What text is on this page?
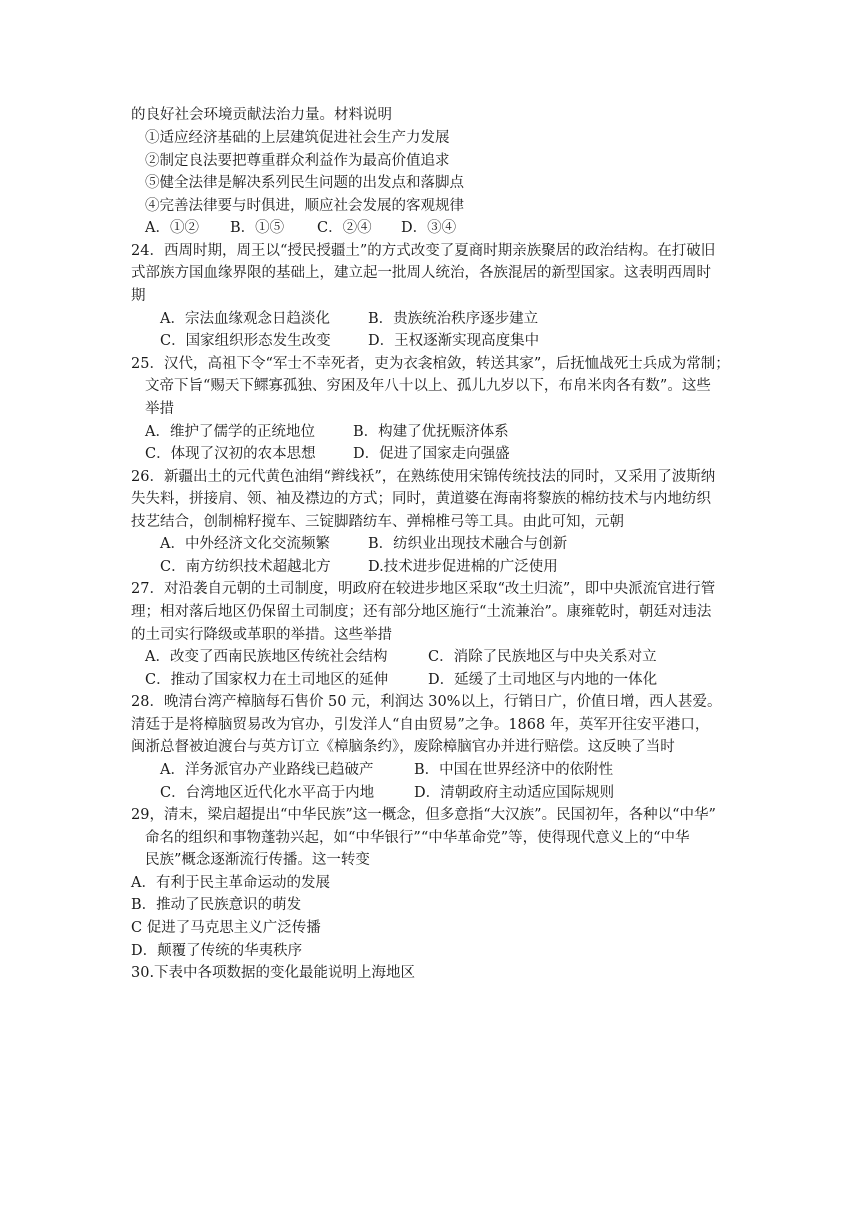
的良好社会环境贡献法治力量。材料说明
①适应经济基础的上层建筑促进社会生产力发展
②制定良法要把尊重群众利益作为最高价值追求
⑤健全法律是解决系列民生问题的出发点和落脚点
④完善法律要与时俱进，顺应社会发展的客观规律
A．①② B．①⑤ C．②④ D．③④
24．西周时期，周王以“授民授疆土”的方式改变了夏商时期亲族聚居的政治结构。在打破旧
式部族方国血缘界限的基础上，建立起一批周人统治，各族混居的新型国家。这表明西周时
期
A．宗法血缘观念日趋淡化	B．贵族统治秩序逐步建立
C．国家组织形态发生改变	D．王权逐渐实现高度集中
25．汉代，高祖下令“军士不幸死者，吏为衣衾棺敛，转送其家”，后抚恤战死士兵成为常制；
文帝下旨“赐天下鳏寡孤独、穷困及年八十以上、孤儿九岁以下，布帛米肉各有数”。这些
举措
A．维护了儒学的正统地位	B．构建了优抚赈济体系
C．体现了汉初的农本思想	D．促进了国家走向强盛
26．新疆出土的元代黄色油绢“辫线袄”，在熟练使用宋锦传统技法的同时，又采用了波斯纳
失失料，拼接肩、领、袖及襟边的方式；同时，黄道婆在海南将黎族的棉纺技术与内地纺织
技艺结合，创制棉籽搅车、三锭脚踏纺车、弹棉椎弓等工具。由此可知，元朝
A．中外经济文化交流频繁	B．纺织业出现技术融合与创新
C．南方纺织技术超越北方	D.技术进步促进棉的广泛使用
27．对沿袭自元朝的土司制度，明政府在较进步地区采取“改土归流”，即中央派流官进行管
理；相对落后地区仍保留土司制度；还有部分地区施行“土流兼治”。康雍乾时，朝廷对违法
的土司实行降级或革职的举措。这些举措
A．改变了西南民族地区传统社会结构	C．消除了民族地区与中央关系对立
C．推动了国家权力在土司地区的延伸	D．延缓了土司地区与内地的一体化
28．晚清台湾产樟脑每石售价 50 元，利润达 30%以上，行销日广，价值日增，西人甚爱。
清廷于是将樟脑贸易改为官办，引发洋人“自由贸易”之争。1868 年，英军开往安平港口，
闽浙总督被迫渡台与英方订立《樟脑条约》，废除樟脑官办并进行赔偿。这反映了当时
A．洋务派官办产业路线已趋破产	B．中国在世界经济中的依附性
C．台湾地区近代化水平高于内地	D．清朝政府主动适应国际规则
29，清末，梁启超提出“中华民族”这一概念，但多意指“大汉族”。民国初年，各种以“中华”
命名的组织和事物蓬勃兴起，如“中华银行”“中华革命党”等，使得现代意义上的“中华
民族”概念逐渐流行传播。这一转变
A．有利于民主革命运动的发展
B．推动了民族意识的萌发
C 促进了马克思主义广泛传播
D．颠覆了传统的华夷秩序
30.下表中各项数据的变化最能说明上海地区
